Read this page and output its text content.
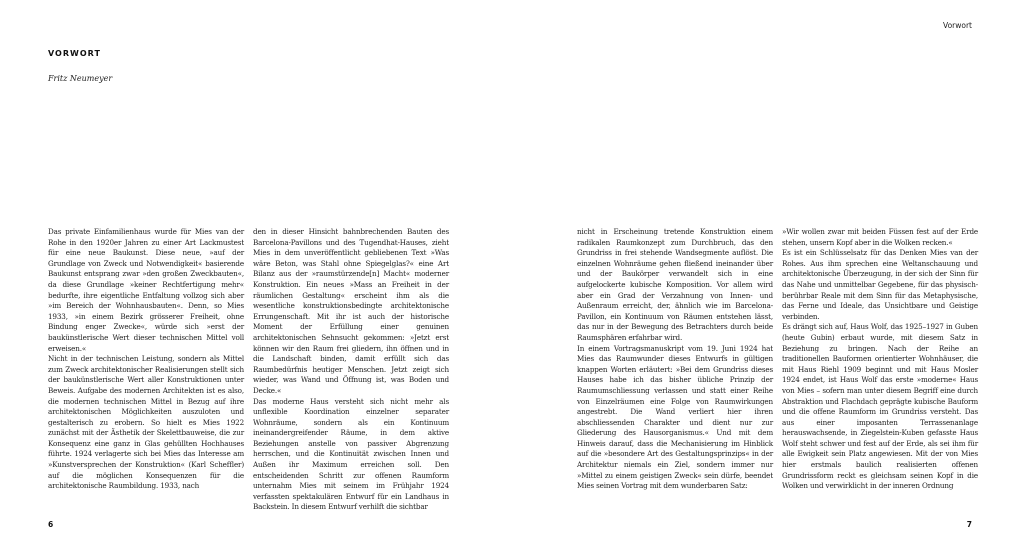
VORWORT
Fritz Neumeyer

Das private Einfamilienhaus wurde für Mies van der Rohe in den 1920er Jahren zu einer Art Lackmustest für eine neue Baukunst. Diese neue, »auf der Grundlage von Zweck und Notwendigkeit« basierende Baukunst entsprang zwar »den großen Zweckbauten«, da diese Grundlage »keiner Rechtfertigung mehr« bedurfte, ihre eigentliche Entfaltung vollzog sich aber »im Bereich der Wohnhausbauten«. Denn, so Mies 1933, »in einem Bezirk grösserer Freiheit, ohne Bindung enger Zwecke«, würde sich »erst der baukünstlerische Wert dieser technischen Mittel voll erweisen.«

Nicht in der technischen Leistung, sondern als Mittel zum Zweck architektonischer Realisierungen stellt sich der baukünstlerische Wert aller Konstruktionen unter Beweis. Aufgabe des modernen Architekten ist es also, die modernen technischen Mittel in Bezug auf ihre architektonischen Möglichkeiten auszuloten und gestalterisch zu erobern. So hielt es Mies 1922 zunächst mit der Ästhetik der Skelettbauweise, die zur Konsequenz eine ganz in Glas gehüllten Hochhauses führte. 1924 verlagerte sich bei Mies das Interesse am »Kunstversprechen der Konstruktion« (Karl Scheffler) auf die möglichen Konsequenzen für die architektonische Raumbildung. 1933, nach

den in dieser Hinsicht bahnbrechenden Bauten des Barcelona-Pavillons und des Tugendhat-Hauses, zieht Mies in dem unveröffentlicht gebliebenen Text »Was wäre Beton, was Stahl ohne Spiegelglas?« eine Art Bilanz aus der »raumstürzende[n] Macht« moderner Konstruktion. Ein neues »Mass an Freiheit in der räumlichen Gestaltung« erscheint ihm als die wesentliche konstruktionsbedingte architektonische Errungenschaft. Mit ihr ist auch der historische Moment der Erfüllung einer genuinen architektonischen Sehnsucht gekommen: »Jetzt erst können wir den Raum frei gliedern, ihn öffnen und in die Landschaft binden, damit erfüllt sich das Raumbedürfnis heutiger Menschen. Jetzt zeigt sich wieder, was Wand und Öffnung ist, was Boden und Decke.«

Das moderne Haus versteht sich nicht mehr als unflexible Koordination einzelner separater Wohnräume, sondern als ein Kontinuum ineinandergreifender Räume, in dem aktive Beziehungen anstelle von passiver Abgrenzung herrschen, und die Kontinuität zwischen Innen und Außen ihr Maximum erreichen soll. Den entscheidenden Schritt zur offenen Raumform unternahm Mies mit seinem im Frühjahr 1924 verfassten spektakulären Entwurf für ein Landhaus in Backstein. In diesem Entwurf verhilft die sichtbar

6
Vorwort

nicht in Erscheinung tretende Konstruktion einem radikalen Raumkonzept zum Durchbruch, das den Grundriss in frei stehende Wandsegmente auflöst. Die einzelnen Wohnräume gehen fließend ineinander über und der Baukörper verwandelt sich in eine aufgelockerte kubische Komposition. Vor allem wird aber ein Grad der Verzahnung von Innen- und Außenraum erreicht, der, ähnlich wie im Barcelona-Pavillon, ein Kontinuum von Räumen entstehen lässt, das nur in der Bewegung des Betrachters durch beide Raumsphären erfahrbar wird.

In einem Vortragsmanuskript vom 19. Juni 1924 hat Mies das Raumwunder dieses Entwurfs in gültigen knappen Worten erläutert: »Bei dem Grundriss dieses Hauses habe ich das bisher übliche Prinzip der Raumumschliessung verlassen und statt einer Reihe von Einzelräumen eine Folge von Raumwirkungen angestrebt. Die Wand verliert hier ihren abschliessenden Charakter und dient nur zur Gliederung des Hausorganismus.« Und mit dem Hinweis darauf, dass die Mechanisierung im Hinblick auf die »besondere Art des Gestaltungsprinzips« in der Architektur niemals ein Ziel, sondern immer nur »Mittel zu einem geistigen Zweck« sein dürfe, beendet Mies seinen Vortrag mit dem wunderbaren Satz:

»Wir wollen zwar mit beiden Füssen fest auf der Erde stehen, unsern Kopf aber in die Wolken recken.«

Es ist ein Schlüsselsatz für das Denken Mies van der Rohes. Aus ihm sprechen eine Weltanschauung und architektonische Überzeugung, in der sich der Sinn für das Nahe und unmittelbar Gegebene, für das physisch-berührbar Reale mit dem Sinn für das Metaphysische, das Ferne und Ideale, das Unsichtbare und Geistige verbinden.

Es drängt sich auf, Haus Wolf, das 1925–1927 in Guben (heute Gubin) erbaut wurde, mit diesem Satz in Beziehung zu bringen. Nach der Reihe an traditionellen Bauformen orientierter Wohnhäuser, die mit Haus Riehl 1909 beginnt und mit Haus Mosler 1924 endet, ist Haus Wolf das erste »moderne« Haus von Mies – sofern man unter diesem Begriff eine durch Abstraktion und Flachdach geprägte kubische Bauform und die offene Raumform im Grundriss versteht. Das aus einer imposanten Terrassenanlage herauswachsende, in Ziegelstein-Kuben gefasste Haus Wolf steht schwer und fest auf der Erde, als sei ihm für alle Ewigkeit sein Platz angewiesen. Mit der von Mies hier erstmals baulich realisierten offenen Grundrissform reckt es gleichsam seinen Kopf in die Wolken und verwirklicht in der inneren Ordnung

7
